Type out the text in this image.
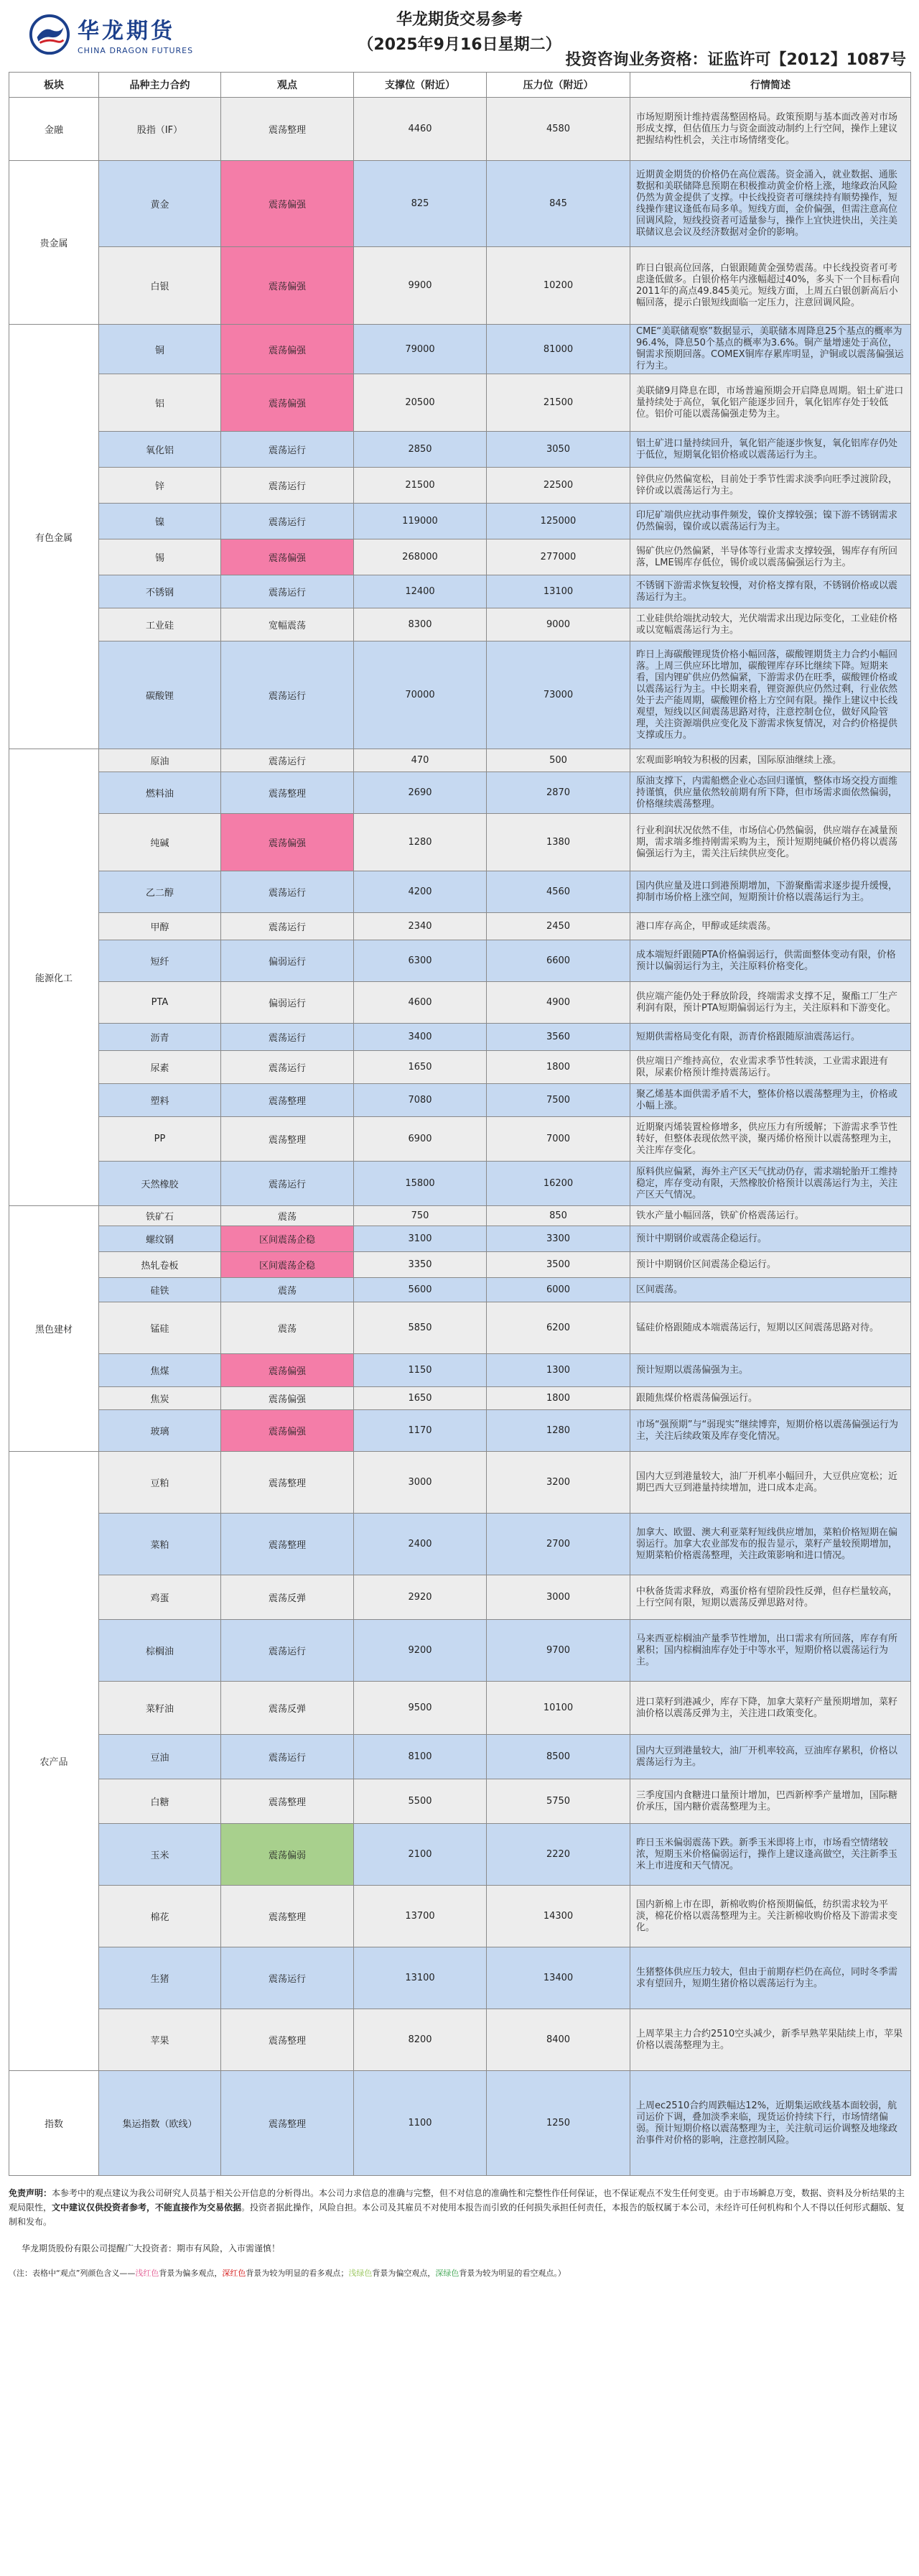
华龙期货
CHINA DRAGON FUTURES
华龙期货交易参考
（2025年9月16日星期二）
投资咨询业务资格：证监许可【2012】1087号
板块	品种主力合约	观点	支撑位（附近）	压力位（附近）	行情简述
金融	股指（IF）	震荡整理	4460	4580	市场短期预计维持震荡整固格局。政策预期与基本面改善对市场形成支撑，但估值压力与资金面波动制约上行空间，操作上建议把握结构性机会，关注市场情绪变化。
贵金属	黄金	震荡偏强	825	845	近期黄金期货的价格仍在高位震荡。资金涌入，就业数据、通胀数据和美联储降息预期在积极推动黄金价格上涨，地缘政治风险仍然为黄金提供了支撑。中长线投资者可继续持有顺势操作，短线操作建议逢低布局多单。短线方面，金价偏强，但需注意高位回调风险，短线投资者可适量参与，操作上宜快进快出，关注美联储议息会议及经济数据对金价的影响。
	白银	震荡偏强	9900	10200	昨日白银高位回落，白银跟随黄金强势震荡。中长线投资者可考虑逢低做多。白银价格年内涨幅超过40%，多头下一个目标看向2011年的高点49.845美元。短线方面，上周五白银创新高后小幅回落，提示白银短线面临一定压力，注意回调风险。
有色金属	铜	震荡偏强	79000	81000	CME“美联储观察”数据显示，美联储本周降息25个基点的概率为96.4%，降息50个基点的概率为3.6%。铜产量增速处于高位，铜需求预期回落。COMEX铜库存累库明显，沪铜或以震荡偏强运行为主。
	铝	震荡偏强	20500	21500	美联储9月降息在即，市场普遍预期会开启降息周期。铝土矿进口量持续处于高位，氧化铝产能逐步回升，氧化铝库存处于较低位。铝价可能以震荡偏强走势为主。
	氧化铝	震荡运行	2850	3050	铝土矿进口量持续回升，氧化铝产能逐步恢复，氧化铝库存仍处于低位，短期氧化铝价格或以震荡运行为主。
	锌	震荡运行	21500	22500	锌供应仍然偏宽松，目前处于季节性需求淡季向旺季过渡阶段，锌价或以震荡运行为主。
	镍	震荡运行	119000	125000	印尼矿端供应扰动事件频发，镍价支撑较强；镍下游不锈钢需求仍然偏弱，镍价或以震荡运行为主。
	锡	震荡偏强	268000	277000	锡矿供应仍然偏紧，半导体等行业需求支撑较强，锡库存有所回落，LME锡库存低位，锡价或以震荡偏强运行为主。
	不锈钢	震荡运行	12400	13100	不锈钢下游需求恢复较慢，对价格支撑有限，不锈钢价格或以震荡运行为主。
	工业硅	宽幅震荡	8300	9000	工业硅供给端扰动较大，光伏端需求出现边际变化，工业硅价格或以宽幅震荡运行为主。
	碳酸锂	震荡运行	70000	73000	昨日上海碳酸锂现货价格小幅回落，碳酸锂期货主力合约小幅回落。上周三供应环比增加，碳酸锂库存环比继续下降。短期来看，国内锂矿供应仍然偏紧，下游需求仍在旺季，碳酸锂价格或以震荡运行为主。中长期来看，锂资源供应仍然过剩，行业依然处于去产能周期，碳酸锂价格上方空间有限。操作上建议中长线观望，短线以区间震荡思路对待，注意控制仓位，做好风险管理，关注资源端供应变化及下游需求恢复情况，对合约价格提供支撑或压力。
能源化工	原油	震荡运行	470	500	宏观面影响较为积极的因素，国际原油继续上涨。
	燃料油	震荡整理	2690	2870	原油支撑下，内需船燃企业心态回归谨慎，整体市场交投方面维持谨慎，供应量依然较前期有所下降，但市场需求面依然偏弱，价格继续震荡整理。
	纯碱	震荡偏强	1280	1380	行业利润状况依然不佳，市场信心仍然偏弱，供应端存在减量预期，需求端多维持刚需采购为主，预计短期纯碱价格仍将以震荡偏强运行为主，需关注后续供应变化。
	乙二醇	震荡运行	4200	4560	国内供应量及进口到港预期增加，下游聚酯需求逐步提升缓慢，抑制市场价格上涨空间，短期预计价格以震荡运行为主。
	甲醇	震荡运行	2340	2450	港口库存高企，甲醇或延续震荡。
	短纤	偏弱运行	6300	6600	成本端短纤跟随PTA价格偏弱运行，供需面整体变动有限，价格预计以偏弱运行为主，关注原料价格变化。
	PTA	偏弱运行	4600	4900	供应端产能仍处于释放阶段，终端需求支撑不足，聚酯工厂生产利润有限，预计PTA短期偏弱运行为主，关注原料和下游变化。
	沥青	震荡运行	3400	3560	短期供需格局变化有限，沥青价格跟随原油震荡运行。
	尿素	震荡运行	1650	1800	供应端日产维持高位，农业需求季节性转淡，工业需求跟进有限，尿素价格预计维持震荡运行。
	塑料	震荡整理	7080	7500	聚乙烯基本面供需矛盾不大，整体价格以震荡整理为主，价格或小幅上涨。
	PP	震荡整理	6900	7000	近期聚丙烯装置检修增多，供应压力有所缓解；下游需求季节性转好，但整体表现依然平淡，聚丙烯价格预计以震荡整理为主，关注库存变化。
	天然橡胶	震荡运行	15800	16200	原料供应偏紧，海外主产区天气扰动仍存，需求端轮胎开工维持稳定，库存变动有限，天然橡胶价格预计以震荡运行为主，关注产区天气情况。
黑色建材	铁矿石	震荡	750	850	铁水产量小幅回落，铁矿价格震荡运行。
	螺纹钢	区间震荡企稳	3100	3300	预计中期钢价或震荡企稳运行。
	热轧卷板	区间震荡企稳	3350	3500	预计中期钢价区间震荡企稳运行。
	硅铁	震荡	5600	6000	区间震荡。
	锰硅	震荡	5850	6200	锰硅价格跟随成本端震荡运行，短期以区间震荡思路对待。
	焦煤	震荡偏强	1150	1300	预计短期以震荡偏强为主。
	焦炭	震荡偏强	1650	1800	跟随焦煤价格震荡偏强运行。
	玻璃	震荡偏强	1170	1280	市场“强预期”与“弱现实”继续博弈，短期价格以震荡偏强运行为主，关注后续政策及库存变化情况。
农产品	豆粕	震荡整理	3000	3200	国内大豆到港量较大，油厂开机率小幅回升，大豆供应宽松；近期巴西大豆到港量持续增加，进口成本走高。
	菜粕	震荡整理	2400	2700	加拿大、欧盟、澳大利亚菜籽短线供应增加，菜粕价格短期在偏弱运行。加拿大农业部发布的报告显示，菜籽产量较预期增加，短期菜粕价格震荡整理，关注政策影响和进口情况。
	鸡蛋	震荡反弹	2920	3000	中秋备货需求释放，鸡蛋价格有望阶段性反弹，但存栏量较高，上行空间有限，短期以震荡反弹思路对待。
	棕榈油	震荡运行	9200	9700	马来西亚棕榈油产量季节性增加，出口需求有所回落，库存有所累积；国内棕榈油库存处于中等水平，短期价格以震荡运行为主。
	菜籽油	震荡反弹	9500	10100	进口菜籽到港减少，库存下降，加拿大菜籽产量预期增加，菜籽油价格以震荡反弹为主，关注进口政策变化。
	豆油	震荡运行	8100	8500	国内大豆到港量较大，油厂开机率较高，豆油库存累积，价格以震荡运行为主。
	白糖	震荡整理	5500	5750	三季度国内食糖进口量预计增加，巴西新榨季产量增加，国际糖价承压，国内糖价震荡整理为主。
	玉米	震荡偏弱	2100	2220	昨日玉米偏弱震荡下跌。新季玉米即将上市，市场看空情绪较浓，短期玉米价格偏弱运行，操作上建议逢高做空，关注新季玉米上市进度和天气情况。
	棉花	震荡整理	13700	14300	国内新棉上市在即，新棉收购价格预期偏低，纺织需求较为平淡，棉花价格以震荡整理为主。关注新棉收购价格及下游需求变化。
	生猪	震荡运行	13100	13400	生猪整体供应压力较大，但由于前期存栏仍在高位，同时冬季需求有望回升，短期生猪价格以震荡运行为主。
	苹果	震荡整理	8200	8400	上周苹果主力合约2510空头减少，新季早熟苹果陆续上市，苹果价格以震荡整理为主。
指数	集运指数（欧线）	震荡整理	1100	1250	上周ec2510合约周跌幅达12%，近期集运欧线基本面较弱，航司运价下调，叠加淡季来临，现货运价持续下行，市场情绪偏弱。预计短期价格以震荡整理为主，关注航司运价调整及地缘政治事件对价格的影响，注意控制风险。
免责声明：本参考中的观点建议为我公司研究人员基于相关公开信息的分析得出。本公司力求信息的准确与完整，但不对信息的准确性和完整性作任何保证，也不保证观点不发生任何变更。由于市场瞬息万变，数据、资料及分析结果的主观局限性，文中建议仅供投资者参考，不能直接作为交易依据。投资者据此操作，风险自担。本公司及其雇员不对使用本报告而引致的任何损失承担任何责任，本报告的版权属于本公司，未经许可任何机构和个人不得以任何形式翻版、复制和发布。
华龙期货股份有限公司提醒广大投资者：期市有风险，入市需谨慎！
（注：表格中“观点”列颜色含义——浅红色背景为偏多观点，深红色背景为较为明显的看多观点；浅绿色背景为偏空观点，深绿色背景为较为明显的看空观点。）
